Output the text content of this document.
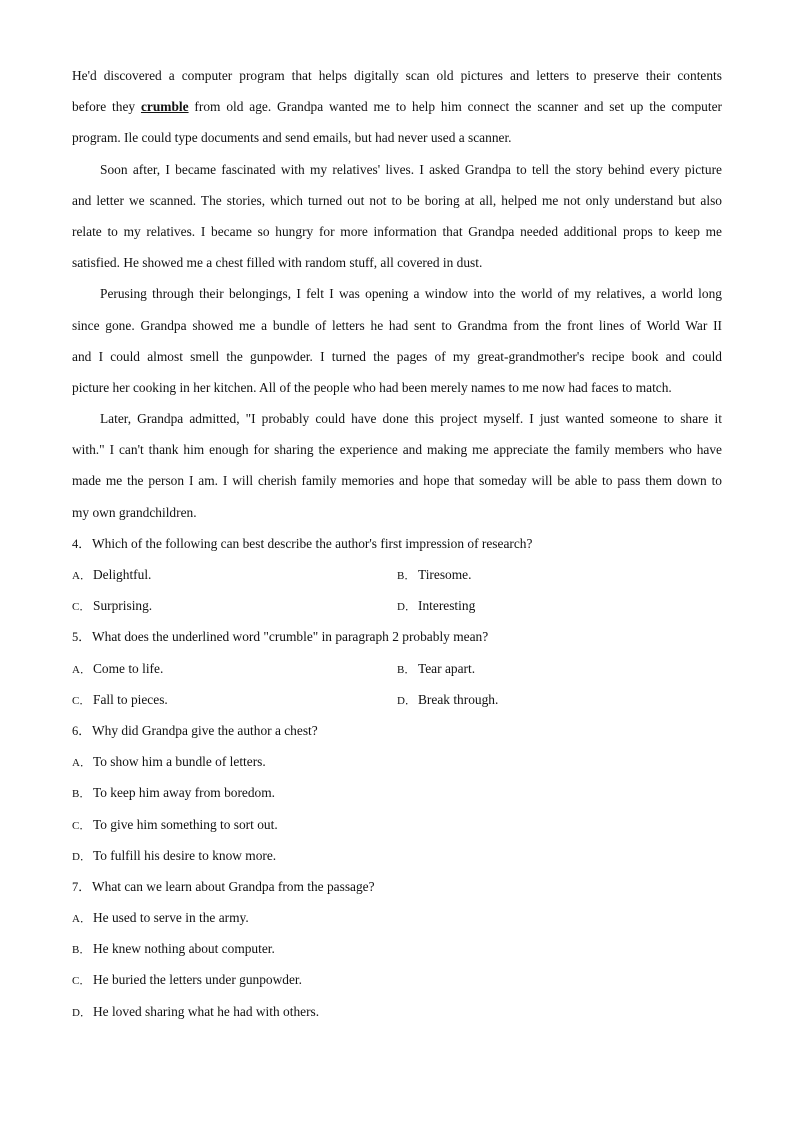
He'd discovered a computer program that helps digitally scan old pictures and letters to preserve their contents
before they crumble from old age. Grandpa wanted me to help him connect the scanner and set up the computer
program. Ile could type documents and send emails, but had never used a scanner.
Soon after, I became fascinated with my relatives' lives. I asked Grandpa to tell the story behind every picture
and letter we scanned. The stories, which turned out not to be boring at all, helped me not only understand but also
relate to my relatives. I became so hungry for more information that Grandpa needed additional props to keep me
satisfied. He showed me a chest filled with random stuff, all covered in dust.
Perusing through their belongings, I felt I was opening a window into the world of my relatives, a world long
since gone. Grandpa showed me a bundle of letters he had sent to Grandma from the front lines of World War II
and I could almost smell the gunpowder. I turned the pages of my great-grandmother's recipe book and could
picture her cooking in her kitchen. All of the people who had been merely names to me now had faces to match.
Later, Grandpa admitted, "I probably could have done this project myself. I just wanted someone to share it
with." I can't thank him enough for sharing the experience and making me appreciate the family members who have
made me the person I am. I will cherish family memories and hope that someday will be able to pass them down to
my own grandchildren.
4．Which of the following can best describe the author's first impression of research?
A． Delightful.	B． Tiresome.
C． Surprising.	D． Interesting
5．What does the underlined word "crumble" in paragraph 2 probably mean?
A． Come to life.	B． Tear apart.
C． Fall to pieces.	D． Break through.
6．Why did Grandpa give the author a chest?
A． To show him a bundle of letters.
B． To keep him away from boredom.
C． To give him something to sort out.
D． To fulfill his desire to know more.
7．What can we learn about Grandpa from the passage?
A． He used to serve in the army.
B． He knew nothing about computer.
C． He buried the letters under gunpowder.
D． He loved sharing what he had with others.
